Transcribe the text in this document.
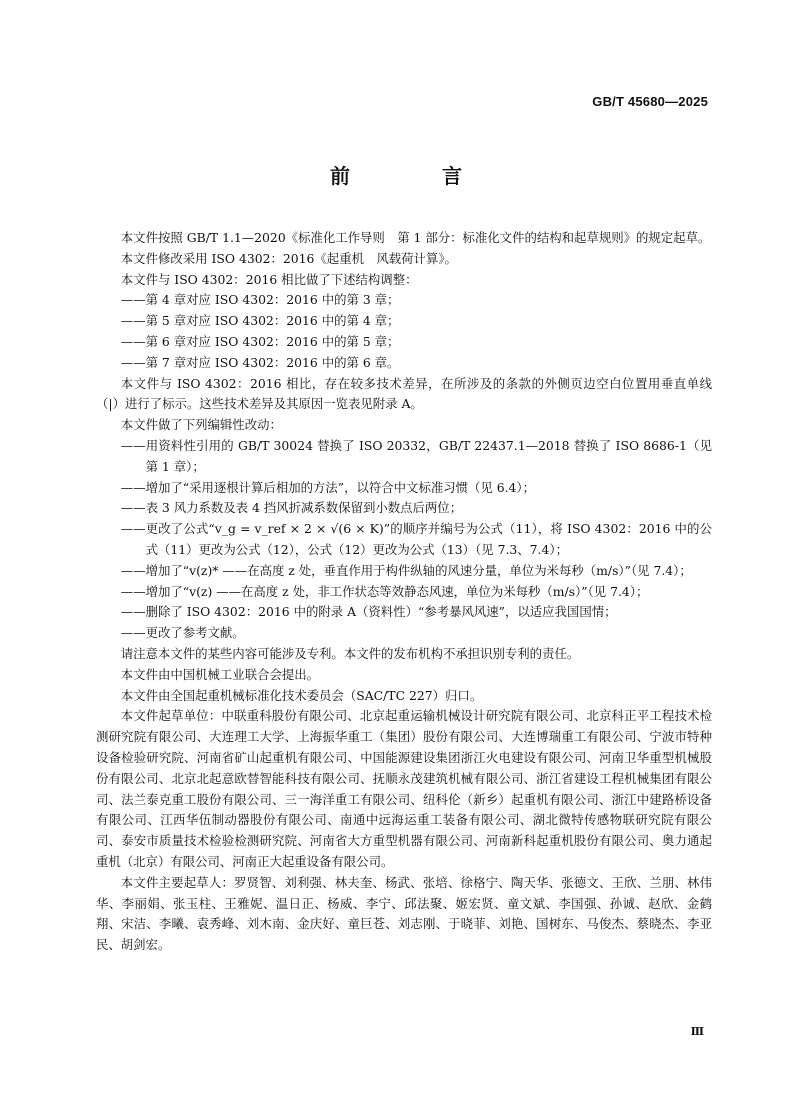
GB/T 45680—2025
前　言
本文件按照 GB/T 1.1—2020《标准化工作导则　第 1 部分：标准化文件的结构和起草规则》的规定起草。
本文件修改采用 ISO 4302：2016《起重机　风载荷计算》。
本文件与 ISO 4302：2016 相比做了下述结构调整：
——第 4 章对应 ISO 4302：2016 中的第 3 章；
——第 5 章对应 ISO 4302：2016 中的第 4 章；
——第 6 章对应 ISO 4302：2016 中的第 5 章；
——第 7 章对应 ISO 4302：2016 中的第 6 章。
本文件与 ISO 4302：2016 相比，存在较多技术差异，在所涉及的条款的外侧页边空白位置用垂直单线（|）进行了标示。这些技术差异及其原因一览表见附录 A。
本文件做了下列编辑性改动：
——用资料性引用的 GB/T 30024 替换了 ISO 20332，GB/T 22437.1—2018 替换了 ISO 8686-1（见第 1 章）；
——增加了“采用逐根计算后相加的方法”，以符合中文标准习惯（见 6.4）；
——表 3 风力系数及表 4 挡风折减系数保留到小数点后两位；
——更改了公式“v_g = v_ref × 2 × √(6 × K)”的顺序并编号为公式（11），将 ISO 4302：2016 中的公式（11）更改为公式（12），公式（12）更改为公式（13）（见 7.3、7.4）；
——增加了“v(z)* ——在高度 z 处，垂直作用于构件纵轴的风速分量，单位为米每秒（m/s）”（见 7.4）；
——增加了“v(z) ——在高度 z 处，非工作状态等效静态风速，单位为米每秒（m/s）”（见 7.4）；
——删除了 ISO 4302：2016 中的附录 A（资料性）“参考暴风风速”，以适应我国国情；
——更改了参考文献。
请注意本文件的某些内容可能涉及专利。本文件的发布机构不承担识别专利的责任。
本文件由中国机械工业联合会提出。
本文件由全国起重机械标准化技术委员会（SAC/TC 227）归口。
本文件起草单位：中联重科股份有限公司、北京起重运输机械设计研究院有限公司、北京科正平工程技术检测研究院有限公司、大连理工大学、上海振华重工（集团）股份有限公司、大连博瑞重工有限公司、宁波市特种设备检验研究院、河南省矿山起重机有限公司、中国能源建设集团浙江火电建设有限公司、河南卫华重型机械股份有限公司、北京北起意欧替智能科技有限公司、抚顺永茂建筑机械有限公司、浙江省建设工程机械集团有限公司、法兰泰克重工股份有限公司、三一海洋重工有限公司、纽科伦（新乡）起重机有限公司、浙江中建路桥设备有限公司、江西华伍制动器股份有限公司、南通中远海运重工装备有限公司、湖北微特传感物联研究院有限公司、泰安市质量技术检验检测研究院、河南省大方重型机器有限公司、河南新科起重机股份有限公司、奥力通起重机（北京）有限公司、河南正大起重设备有限公司。
本文件主要起草人：罗贤智、刘利强、林夫奎、杨武、张培、徐格宁、陶天华、张德文、王欣、兰朋、林伟华、李丽娟、张玉柱、王雅妮、温日正、杨威、李宁、邱法聚、姬宏贤、童文斌、李国强、孙诚、赵欣、金鹤翔、宋洁、李曦、袁秀峰、刘木南、金庆好、童巨苍、刘志刚、于晓菲、刘艳、国树东、马俊杰、蔡晓杰、李亚民、胡剑宏。
Ⅲ
